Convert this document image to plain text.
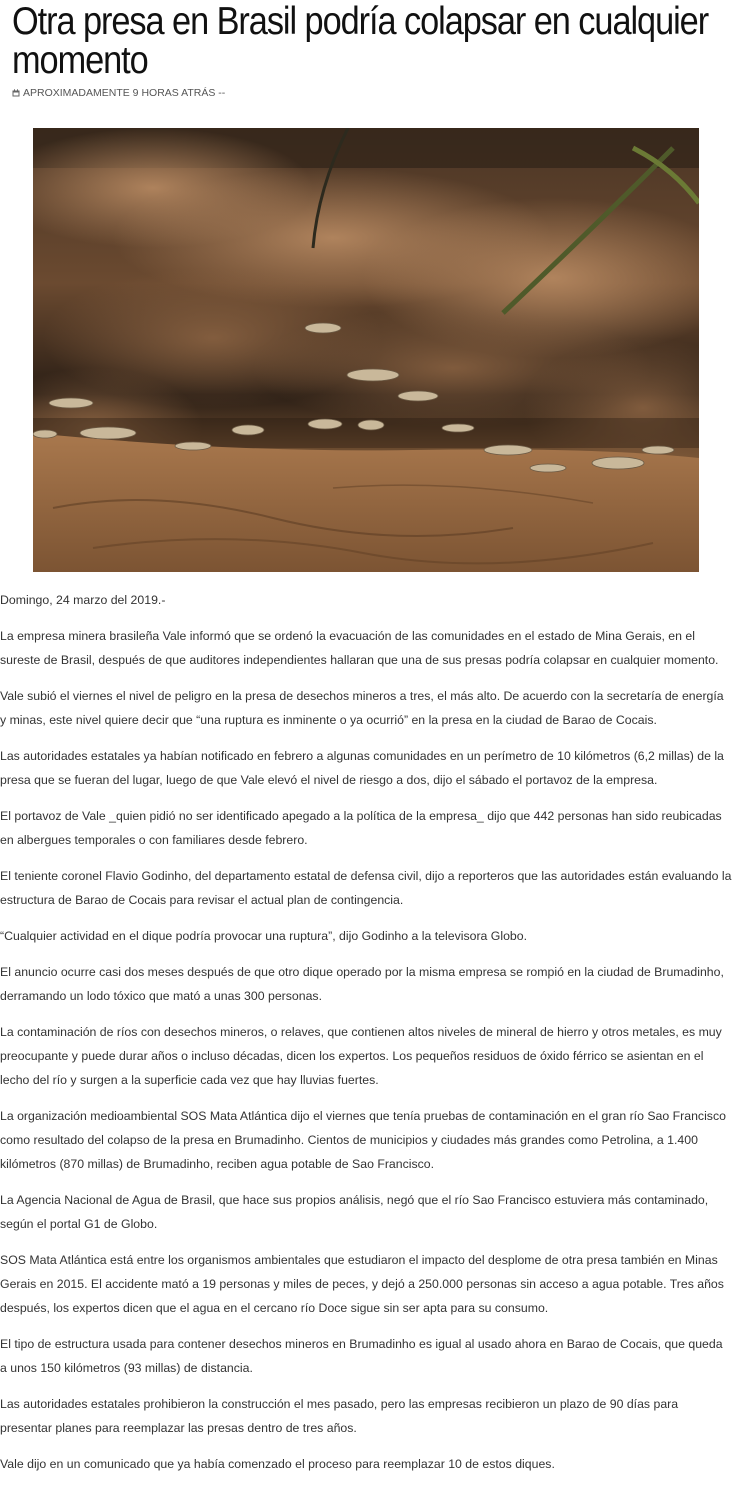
Otra presa en Brasil podría colapsar en cualquier momento
APROXIMADAMENTE 9 HORAS ATRÁS --

Domingo, 24 marzo del 2019.-

La empresa minera brasileña Vale informó que se ordenó la evacuación de las comunidades en el estado de Mina Gerais, en el sureste de Brasil, después de que auditores independientes hallaran que una de sus presas podría colapsar en cualquier momento.

Vale subió el viernes el nivel de peligro en la presa de desechos mineros a tres, el más alto. De acuerdo con la secretaría de energía y minas, este nivel quiere decir que “una ruptura es inminente o ya ocurrió” en la presa en la ciudad de Barao de Cocais.

Las autoridades estatales ya habían notificado en febrero a algunas comunidades en un perímetro de 10 kilómetros (6,2 millas) de la presa que se fueran del lugar, luego de que Vale elevó el nivel de riesgo a dos, dijo el sábado el portavoz de la empresa.

El portavoz de Vale _quien pidió no ser identificado apegado a la política de la empresa_ dijo que 442 personas han sido reubicadas en albergues temporales o con familiares desde febrero.

El teniente coronel Flavio Godinho, del departamento estatal de defensa civil, dijo a reporteros que las autoridades están evaluando la estructura de Barao de Cocais para revisar el actual plan de contingencia.

“Cualquier actividad en el dique podría provocar una ruptura”, dijo Godinho a la televisora Globo.

El anuncio ocurre casi dos meses después de que otro dique operado por la misma empresa se rompió en la ciudad de Brumadinho, derramando un lodo tóxico que mató a unas 300 personas.

La contaminación de ríos con desechos mineros, o relaves, que contienen altos niveles de mineral de hierro y otros metales, es muy preocupante y puede durar años o incluso décadas, dicen los expertos. Los pequeños residuos de óxido férrico se asientan en el lecho del río y surgen a la superficie cada vez que hay lluvias fuertes.

La organización medioambiental SOS Mata Atlántica dijo el viernes que tenía pruebas de contaminación en el gran río Sao Francisco como resultado del colapso de la presa en Brumadinho. Cientos de municipios y ciudades más grandes como Petrolina, a 1.400 kilómetros (870 millas) de Brumadinho, reciben agua potable de Sao Francisco.

La Agencia Nacional de Agua de Brasil, que hace sus propios análisis, negó que el río Sao Francisco estuviera más contaminado, según el portal G1 de Globo.

SOS Mata Atlántica está entre los organismos ambientales que estudiaron el impacto del desplome de otra presa también en Minas Gerais en 2015. El accidente mató a 19 personas y miles de peces, y dejó a 250.000 personas sin acceso a agua potable. Tres años después, los expertos dicen que el agua en el cercano río Doce sigue sin ser apta para su consumo.

El tipo de estructura usada para contener desechos mineros en Brumadinho es igual al usado ahora en Barao de Cocais, que queda a unos 150 kilómetros (93 millas) de distancia.

Las autoridades estatales prohibieron la construcción el mes pasado, pero las empresas recibieron un plazo de 90 días para presentar planes para reemplazar las presas dentro de tres años.

Vale dijo en un comunicado que ya había comenzado el proceso para reemplazar 10 de estos diques.
